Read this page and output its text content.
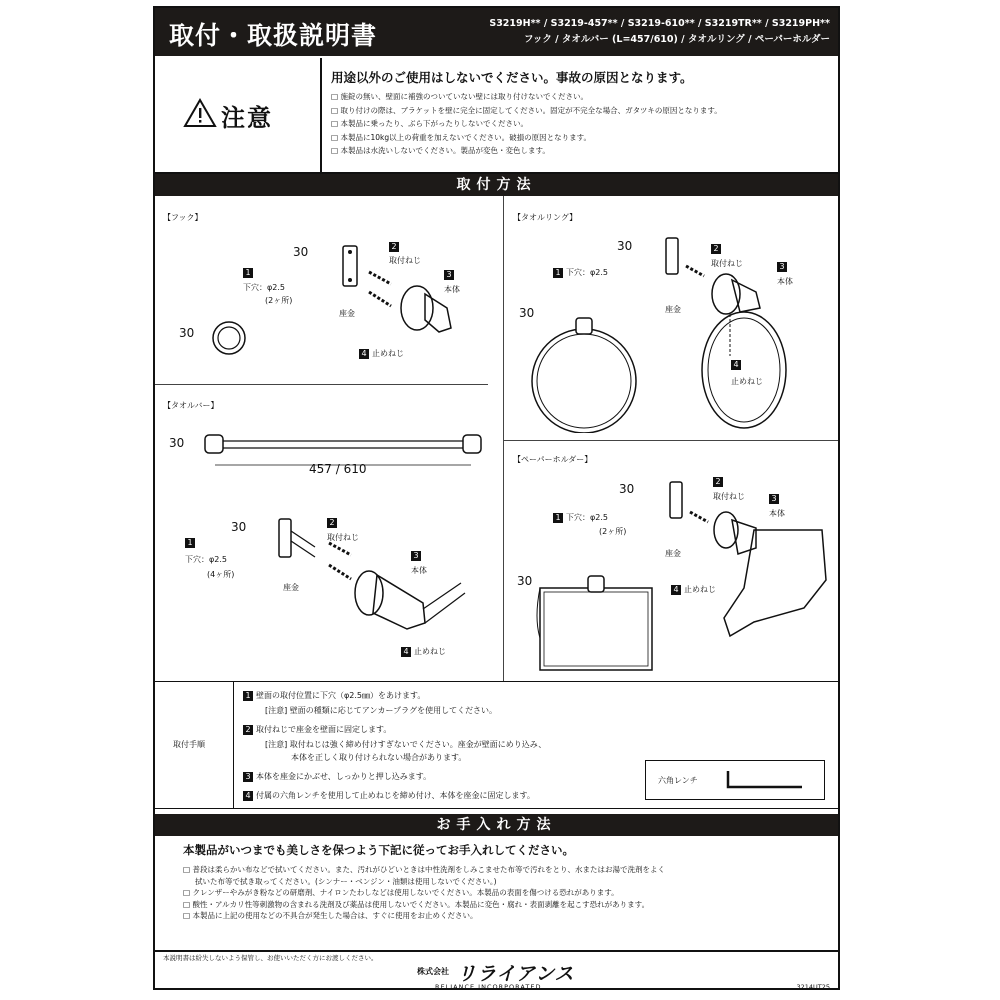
取付・取扱説明書	S3219H** / S3219-457** / S3219-610** / S3219TR** / S3219PH**
フック / タオルバー (L=457/610) / タオルリング / ペーパーホルダー
注意
用途以外のご使用はしないでください。事故の原因となります。
□ 施錠の無い、壁面に補強のついていない壁には取り付けないでください。
□ 取り付けの際は、ブラケットを壁に完全に固定してください。固定が不完全な場合、ガタツキの原因となります。
□ 本製品に乗ったり、ぶら下がったりしないでください。
□ 本製品に10kg以上の荷重を加えないでください。破損の原因となります。
□ 本製品は水洗いしないでください。製品が変色・変色します。
取付方法
【フック】
30
1
下穴：φ2.5
(2ヶ所)
2
取付ねじ
3
本体
座金
4 止めねじ
30
【タオルリング】
30
1 下穴：φ2.5
2
取付ねじ	3
本体
座金
4
止めねじ
30
【タオルバー】
30
457 / 610
30
1
下穴：φ2.5
(4ヶ所)
2
取付ねじ
3
本体
座金
4 止めねじ
【ペーパーホルダー】
30
1 下穴：φ2.5
(2ヶ所)
2
取付ねじ	3
本体
座金
4 止めねじ
30
取付手順
1 壁面の取付位置に下穴（φ2.5㎜）をあけます。
[注意] 壁面の種類に応じてアンカープラグを使用してください。
2 取付ねじで座金を壁面に固定します。
[注意] 取付ねじは強く締め付けすぎないでください。座金が壁面にめり込み、
本体を正しく取り付けられない場合があります。
3 本体を座金にかぶせ、しっかりと押し込みます。
4 付属の六角レンチを使用して止めねじを締め付け、本体を座金に固定します。
六角レンチ
お手入れ方法
本製品がいつまでも美しさを保つよう下記に従ってお手入れしてください。
□ 普段は柔らかい布などで拭いてください。また、汚れがひどいときは中性洗剤をしみこませた布等で汚れをとり、水またはお湯で洗剤をよく
拭いた布等で拭き取ってください。(シンナー・ベンジン・油類は使用しないでください。)
□ クレンザーやみがき粉などの研磨剤、ナイロンたわしなどは使用しないでください。本製品の表面を傷つける恐れがあります。
□ 酸性・アルカリ性等刺激物の含まれる洗剤及び薬品は使用しないでください。本製品に変色・腐れ・表面剥離を起こす恐れがあります。
□ 本製品に上記の使用などの不具合が発生した場合は、すぐに使用をお止めください。
本説明書は紛失しないよう保管し、お使いいただく方にお渡しください。
株式会社 リライアンス
RELIANCE INCORPORATED	3214UT25
